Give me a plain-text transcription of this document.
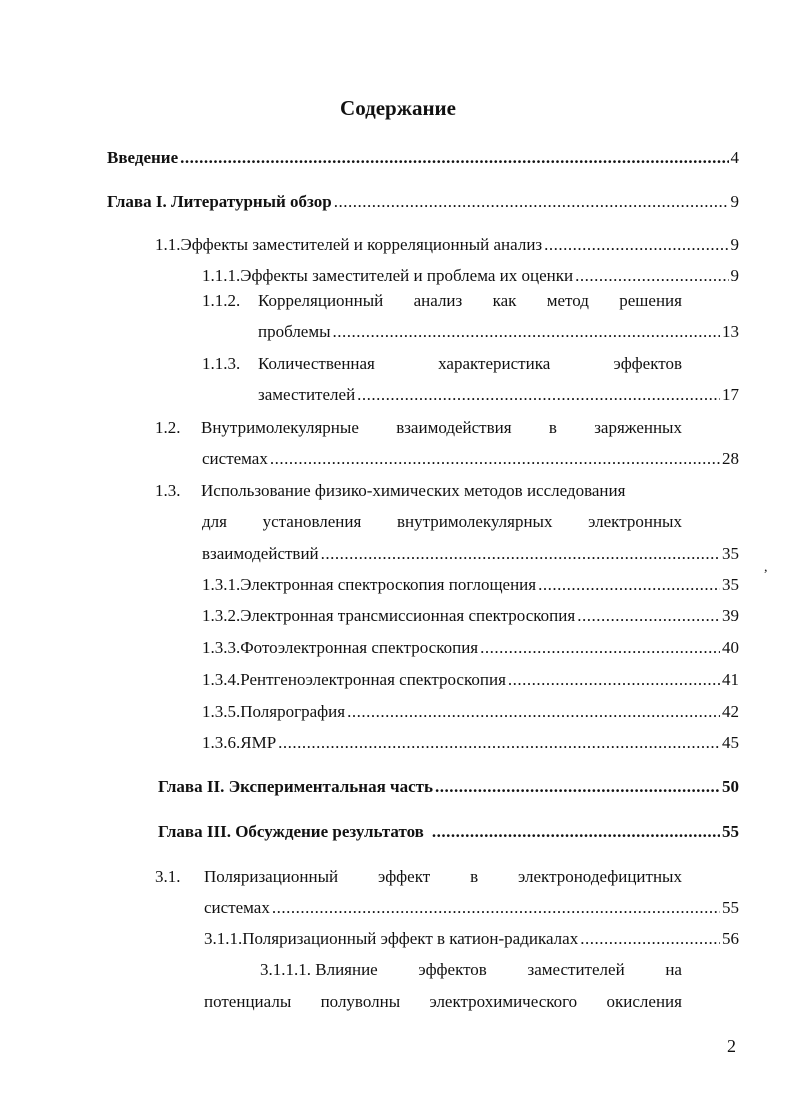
Содержание
Введение .....	4
Глава I. Литературный обзор .....	9
1.1. Эффекты заместителей и корреляционный анализ .....	9
1.1.1. Эффекты заместителей и проблема их оценки .....	9
1.1.2.	Корреляционный анализ как метод решения
проблемы .....	13
1.1.3.	Количественная	характеристика	эффектов
заместителей .....	17
1.2.	Внутримолекулярные взаимодействия в заряженных
системах .....	28
1.3.	Использование физико-химических методов исследования
для установления внутримолекулярных электронных
взаимодействий .....	35
,
1.3.1. Электронная спектроскопия поглощения .....	35
1.3.2. Электронная трансмиссионная спектроскопия .....	39
1.3.3. Фотоэлектронная спектроскопия .....	40
1.3.4. Рентгеноэлектронная спектроскопия .....	41
1.3.5. Полярография .....	42
1.3.6. ЯМР .....	45
Глава II. Экспериментальная часть .....	50
Глава III. Обсуждение результатов .....	55
3.1.	Поляризационный эффект в электронодефицитных
системах .....	55
3.1.1. Поляризационный эффект в катион-радикалах .....	56
3.1.1.1. Влияние эффектов заместителей на
потенциалы полуволны электрохимического окисления
2
